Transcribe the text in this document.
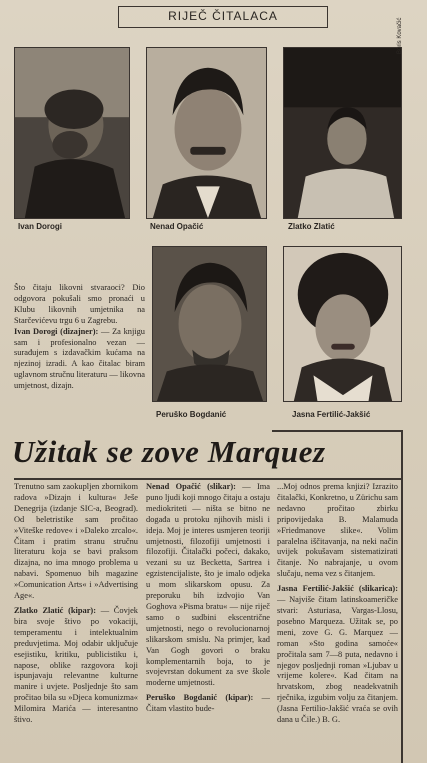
RIJEČ ČITALACA
Ivan Dorogi	Nenad Opačić	Zlatko Zlatić
Boris Kovačić
Peruško Bogdanić	Jasna Fertilić-Jakšić

Što čitaju likovni stvaraoci? Dio odgovora pokušali smo pronaći u Klubu likovnih umjetnika na Starčevićevu trgu 6 u Zagrebu.

Ivan Dorogi (dizajner): — Za knjigu sam i profesionalno vezan — surađujem s izdavačkim kućama na njezinoj izradi. A kao čitalac biram uglavnom stručnu literaturu — likovna umjetnost, dizajn.

Užitak se zove Marquez

Trenutno sam zaokupljen zbornikom radova »Dizajn i kultura« Ješe Denegrija (izdanje SIC-a, Beograd). Od beletristike sam pročitao »Viteške redove« i »Daleko zrcalo«. Čitam i pratim stranu stručnu literaturu koja se bavi praksom dizajna, no ima mnogo problema u nabavi. Spomenuo bih magazine »Comunication Arts« i »Advertising Age«.

Zlatko Zlatić (kipar): — Čovjek bira svoje štivo po vokaciji, temperamentu i intelektualnim preduvjetima. Moj odabir uključuje esejistiku, kritiku, publicistiku i, napose, oblike razgovora koji ispunjavaju relevantne kulturne manire i uvjete. Posljednje što sam pročitao bila su »Djeca komunizma« Milomira Marića — interesantno štivo.

Nenad Opačić (slikar): — Ima puno ljudi koji mnogo čitaju a ostaju mediokriteti — ništa se bitno ne događa u protoku njihovih misli i ideja. Moj je interes usmjeren teoriji umjetnosti, filozofiji umjetnosti i filozofiji. Čitalački počeci, dakako, vezani su uz Becketta, Sartrea i egzistencijaliste, što je imalo odjeka u mom slikarskom opusu. Za preporuku bih izdvojio Van Goghova »Pisma bratu« — nije riječ samo o sudbini ekscentrične umjetnosti, nego o revolucionarnoj slikarskom smislu. Na primjer, kad Van Gogh govori o braku komplementarnih boja, to je svojevrstan dokument za sve škole moderne umjetnosti.

Peruško Bogdanić (kipar): — Čitam vlastito bude-

...Moj odnos prema knjizi? Izrazito čitalački, Konkretno, u Zürichu sam nedavno pročitao zbirku pripovijedaka B. Malamuda »Friedmanove slike«. Volim paralelna iščitavanja, na neki način uvijek pokušavam sistematizirati čitanje. No nabrajanje, u ovom slučaju, nema vez s čitanjem.

Jasna Fertilić-Jakšić (slikarica): — Najviše čitam latinskoameričke stvari: Asturiasa, Vargas-Llosu, posebno Marqueza. Užitak se, po meni, zove G. G. Marquez — roman »Sto godina samoće« pročitala sam 7—8 puta, nedavno i njegov posljednji roman »Ljubav u vrijeme kolere«. Kad čitam na hrvatskom, zbog neadekvatnih rječnika, izgubim volju za čitanjem. (Jasna Fertilio-Jakšić vraća se ovih dana u Čile.) B. G.
